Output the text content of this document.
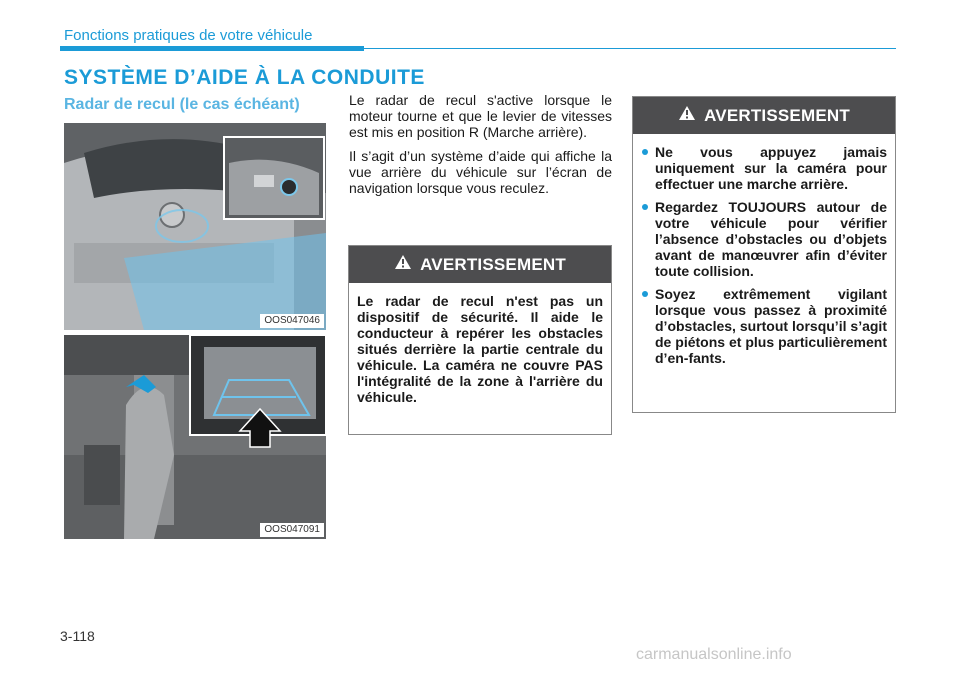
Fonctions pratiques de votre véhicule
SYSTÈME D’AIDE À LA CONDUITE
Radar de recul (le cas échéant)
OOS047046
OOS047091

Le radar de recul s'active lorsque le moteur tourne et que le levier de vitesses est mis en position R (Marche arrière).

Il s’agit d’un système d’aide qui affiche la vue arrière du véhicule sur l’écran de navigation lorsque vous reculez.

AVERTISSEMENT
Le radar de recul n'est pas un dispositif de sécurité. Il aide le conducteur à repérer les obstacles situés derrière la partie centrale du véhicule. La caméra ne couvre PAS l'intégralité de la zone à l'arrière du véhicule.
AVERTISSEMENT
Ne vous appuyez jamais uniquement sur la caméra pour effectuer une marche arrière.
Regardez TOUJOURS autour de votre véhicule pour vérifier l’absence d’obstacles ou d’objets avant de manœuvrer afin d’éviter toute collision.
Soyez extrêmement vigilant lorsque vous passez à proximité d’obstacles, surtout lorsqu’il s’agit de piétons et plus particulièrement d’en-fants.
3-118
carmanualsonline.info
